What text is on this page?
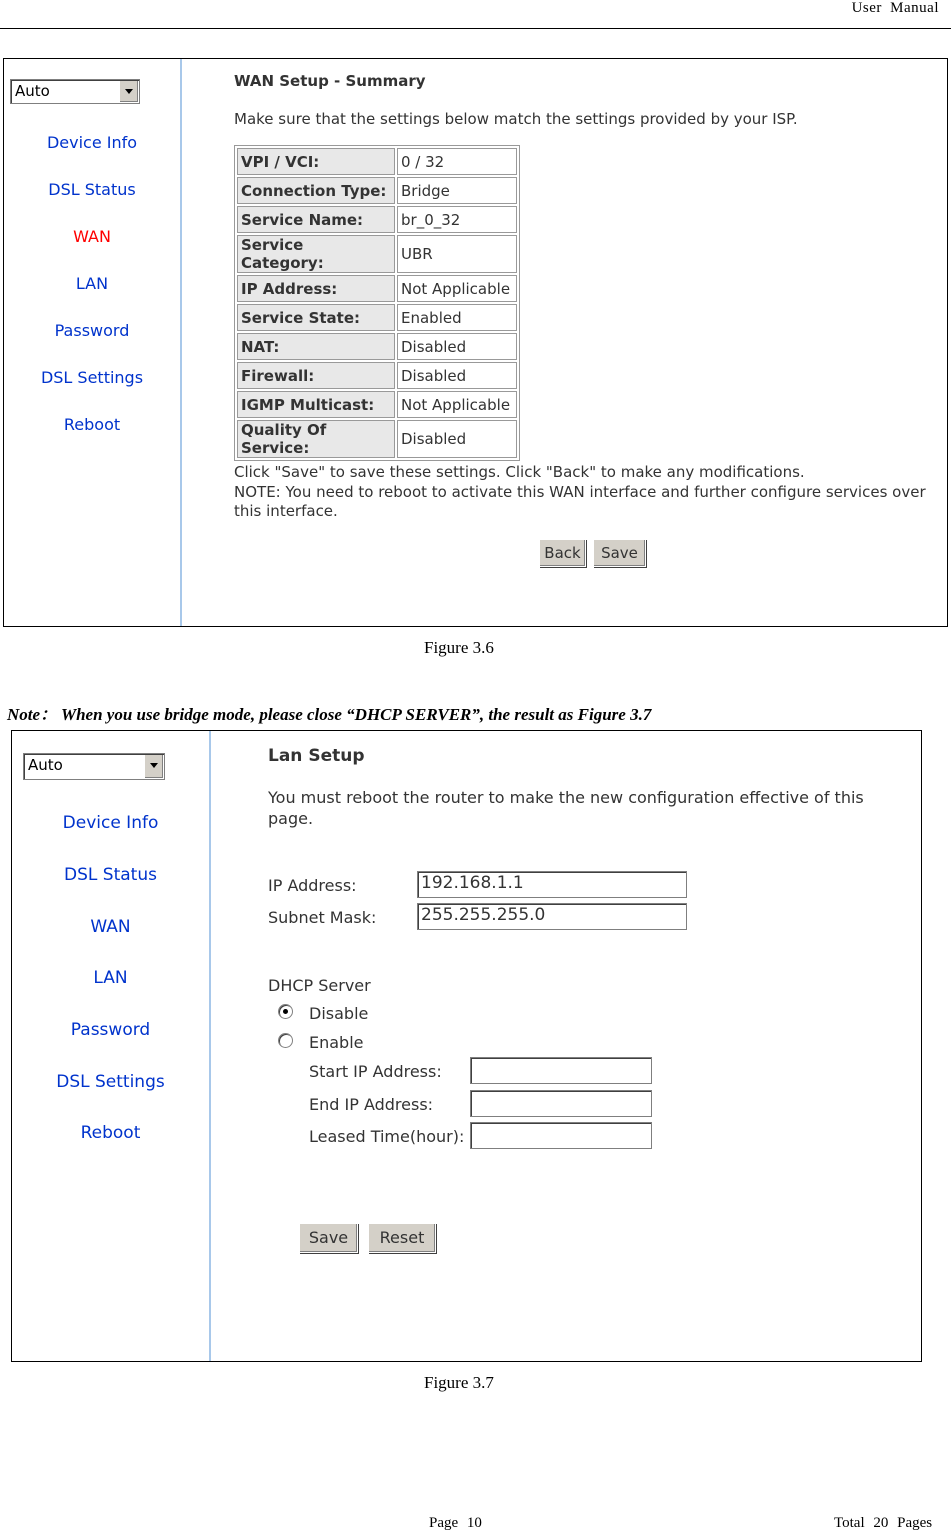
User Manual
Auto
Device Info
DSL Status
WAN
LAN
Password
DSL Settings
Reboot
WAN Setup - Summary
Make sure that the settings below match the settings provided by your ISP.
VPI / VCI:	0 / 32
Connection Type:	Bridge
Service Name:	br_0_32
Service Category:	UBR
IP Address:	Not Applicable
Service State:	Enabled
NAT:	Disabled
Firewall:	Disabled
IGMP Multicast:	Not Applicable
Quality Of Service:	Disabled
Click "Save" to save these settings. Click "Back" to make any modifications.
NOTE: You need to reboot to activate this WAN interface and further configure services over this interface.
Back	Save
Figure 3.6
Note： When you use bridge mode, please close “DHCP SERVER”, the result as Figure 3.7
Auto
Device Info
DSL Status
WAN
LAN
Password
DSL Settings
Reboot
Lan Setup
You must reboot the router to make the new configuration effective of this page.
IP Address:	192.168.1.1
Subnet Mask:	255.255.255.0
DHCP Server
Disable
Enable
Start IP Address:
End IP Address:
Leased Time(hour):
Save	Reset
Figure 3.7
Page 10	Total 20 Pages
